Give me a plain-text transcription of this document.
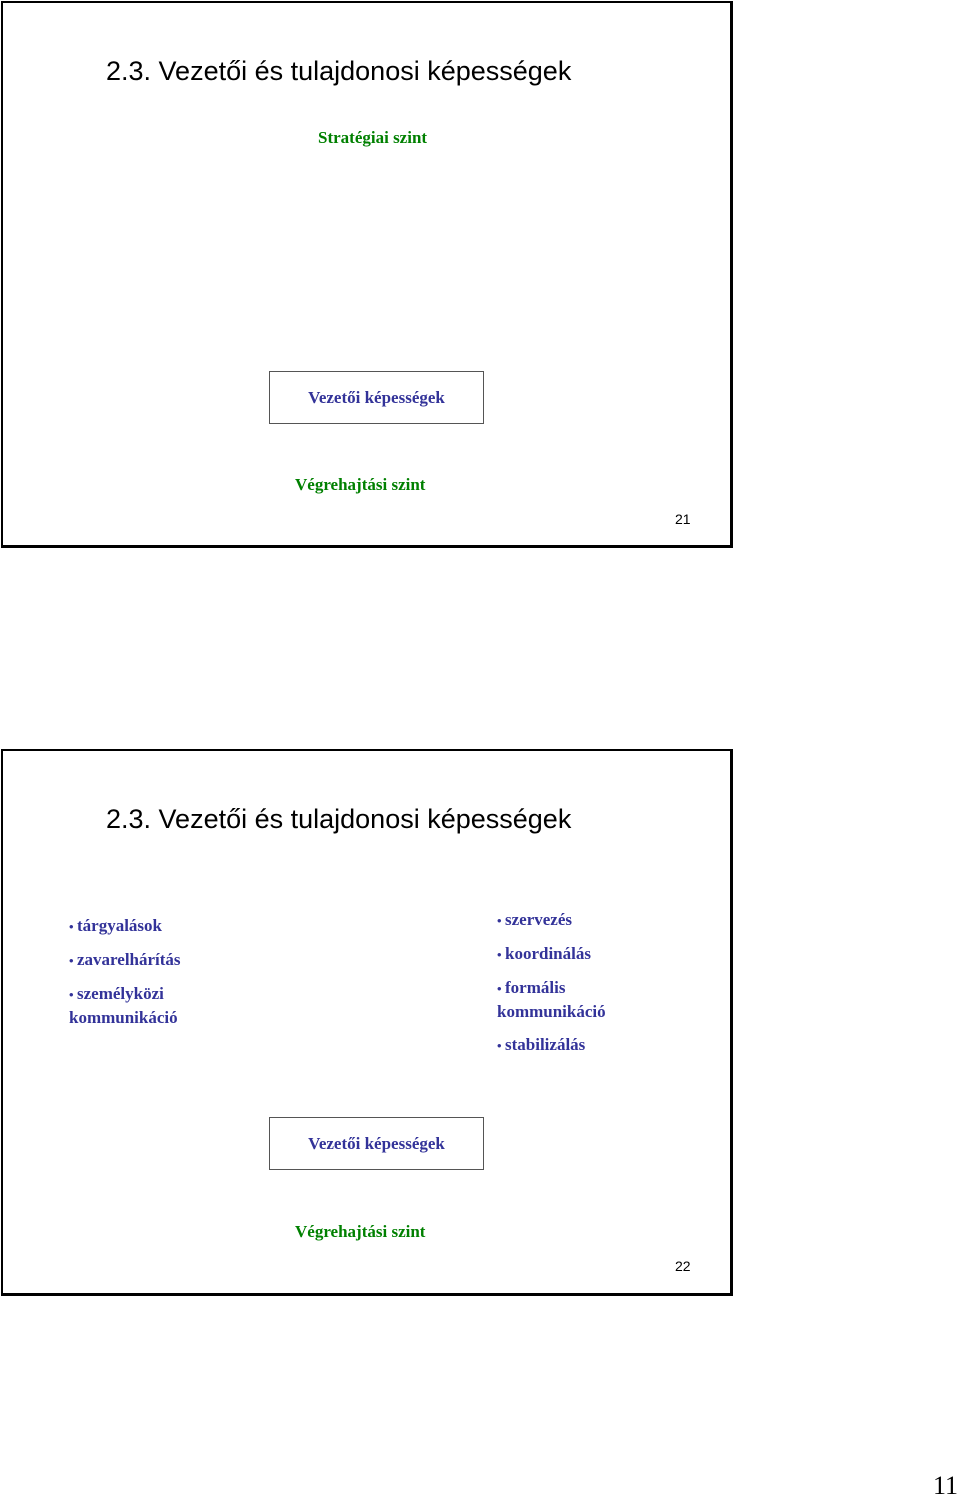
2.3. Vezetői és tulajdonosi képességek
Stratégiai szint
Vezetői képességek
Végrehajtási szint
21
2.3. Vezetői és tulajdonosi képességek
• tárgyalások
• zavarelhárítás
• személyközi
kommunikáció
• szervezés
• koordinálás
• formális
kommunikáció
• stabilizálás
Vezetői képességek
Végrehajtási szint
22
11
